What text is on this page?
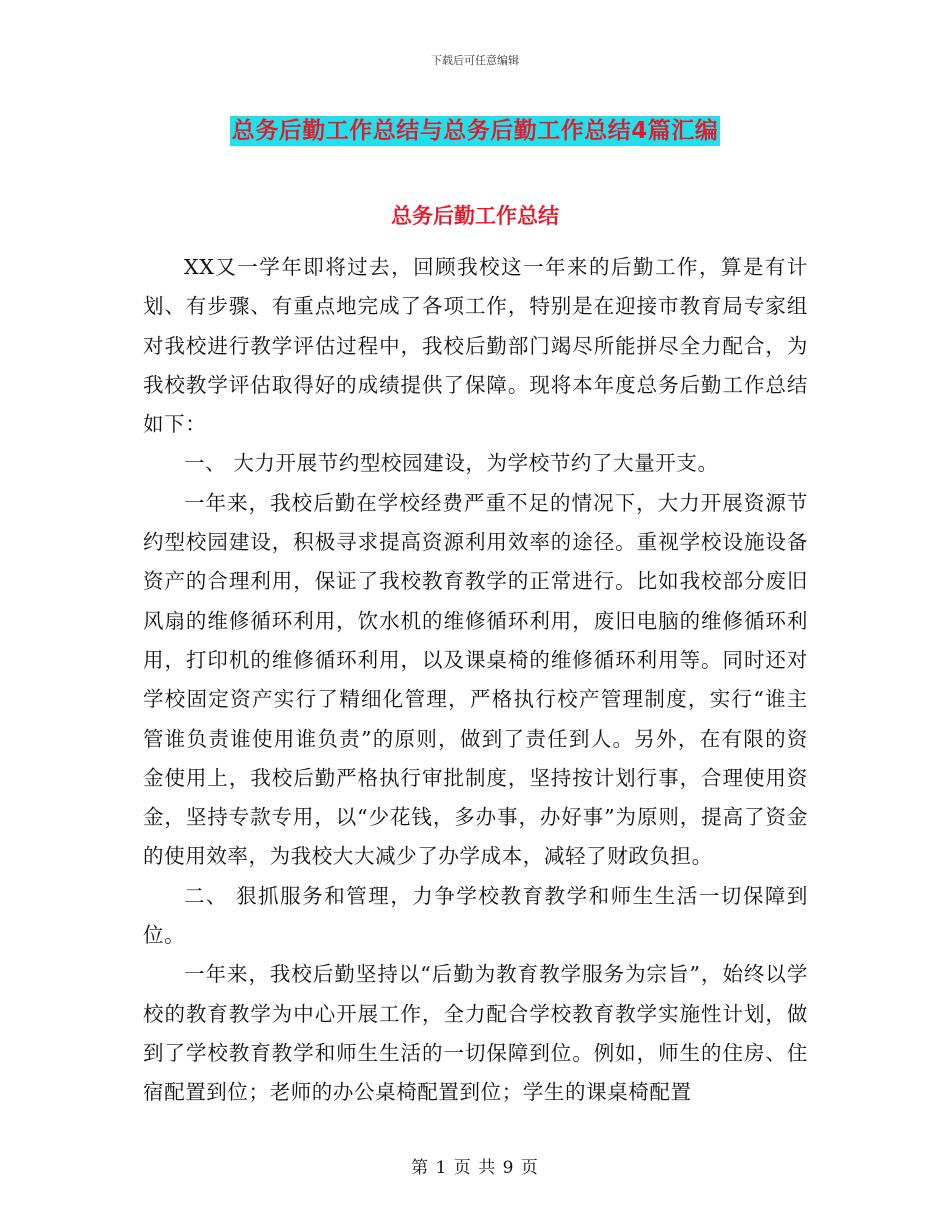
下载后可任意编辑
总务后勤工作总结与总务后勤工作总结4篇汇编
总务后勤工作总结

XX又一学年即将过去，回顾我校这一年来的后勤工作，算是有计划、有步骤、有重点地完成了各项工作，特别是在迎接市教育局专家组对我校进行教学评估过程中，我校后勤部门竭尽所能拼尽全力配合，为我校教学评估取得好的成绩提供了保障。现将本年度总务后勤工作总结如下：

一、 大力开展节约型校园建设，为学校节约了大量开支。

一年来，我校后勤在学校经费严重不足的情况下，大力开展资源节约型校园建设，积极寻求提高资源利用效率的途径。重视学校设施设备资产的合理利用，保证了我校教育教学的正常进行。比如我校部分废旧风扇的维修循环利用，饮水机的维修循环利用，废旧电脑的维修循环利用，打印机的维修循环利用，以及课桌椅的维修循环利用等。同时还对学校固定资产实行了精细化管理，严格执行校产管理制度，实行“谁主管谁负责谁使用谁负责”的原则，做到了责任到人。另外，在有限的资金使用上，我校后勤严格执行审批制度，坚持按计划行事，合理使用资金，坚持专款专用，以“少花钱，多办事，办好事”为原则，提高了资金的使用效率，为我校大大减少了办学成本，减轻了财政负担。

二、 狠抓服务和管理，力争学校教育教学和师生生活一切保障到位。

一年来，我校后勤坚持以“后勤为教育教学服务为宗旨”，始终以学校的教育教学为中心开展工作，全力配合学校教育教学实施性计划，做到了学校教育教学和师生生活的一切保障到位。例如，师生的住房、住宿配置到位；老师的办公桌椅配置到位；学生的课桌椅配置

第 1 页 共 9 页
